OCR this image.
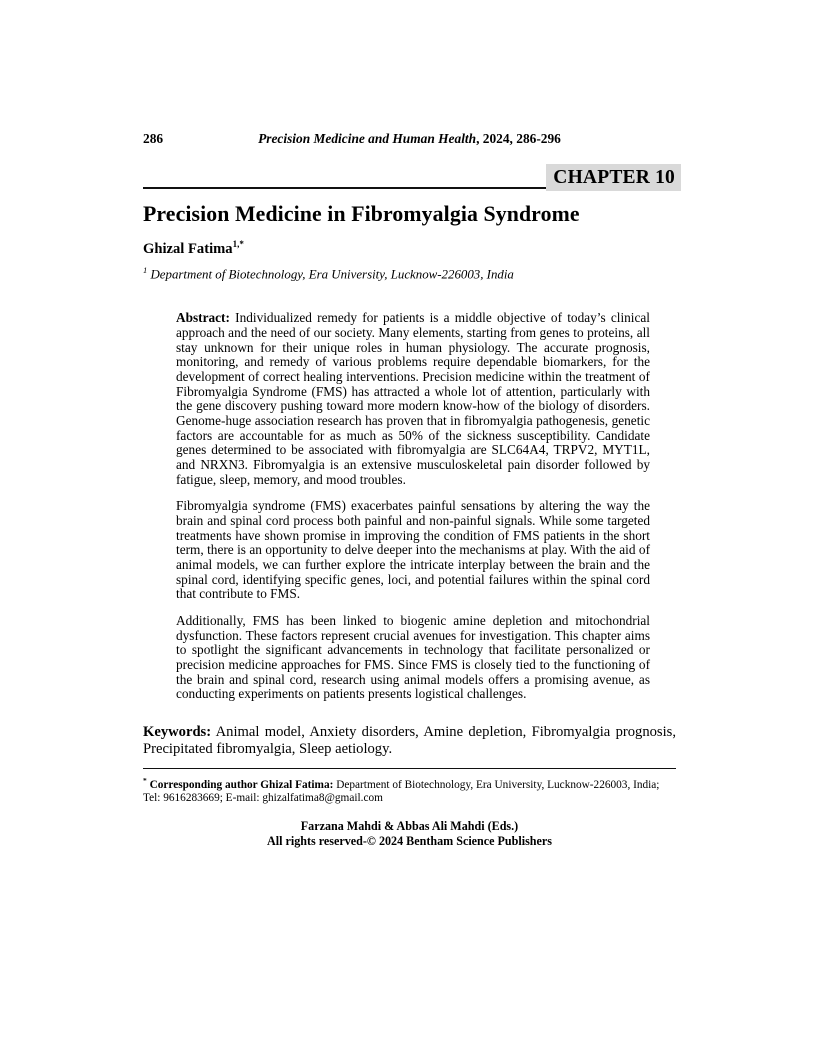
286	Precision Medicine and Human Health, 2024, 286-296
CHAPTER 10
Precision Medicine in Fibromyalgia Syndrome
Ghizal Fatima$^{1,*}$
$^1$ Department of Biotechnology, Era University, Lucknow-226003, India

Abstract: Individualized remedy for patients is a middle objective of today’s clinical approach and the need of our society. Many elements, starting from genes to proteins, all stay unknown for their unique roles in human physiology. The accurate prognosis, monitoring, and remedy of various problems require dependable biomarkers, for the development of correct healing interventions. Precision medicine within the treatment of Fibromyalgia Syndrome (FMS) has attracted a whole lot of attention, particularly with the gene discovery pushing toward more modern know-how of the biology of disorders. Genome-huge association research has proven that in fibromyalgia pathogenesis, genetic factors are accountable for as much as 50% of the sickness susceptibility. Candidate genes determined to be associated with fibromyalgia are SLC64A4, TRPV2, MYT1L, and NRXN3. Fibromyalgia is an extensive musculoskeletal pain disorder followed by fatigue, sleep, memory, and mood troubles.

Fibromyalgia syndrome (FMS) exacerbates painful sensations by altering the way the brain and spinal cord process both painful and non-painful signals. While some targeted treatments have shown promise in improving the condition of FMS patients in the short term, there is an opportunity to delve deeper into the mechanisms at play. With the aid of animal models, we can further explore the intricate interplay between the brain and the spinal cord, identifying specific genes, loci, and potential failures within the spinal cord that contribute to FMS.

Additionally, FMS has been linked to biogenic amine depletion and mitochondrial dysfunction. These factors represent crucial avenues for investigation. This chapter aims to spotlight the significant advancements in technology that facilitate personalized or precision medicine approaches for FMS. Since FMS is closely tied to the functioning of the brain and spinal cord, research using animal models offers a promising avenue, as conducting experiments on patients presents logistical challenges.

Keywords: Animal model, Anxiety disorders, Amine depletion, Fibromyalgia prognosis, Precipitated fibromyalgia, Sleep aetiology.
* Corresponding author Ghizal Fatima: Department of Biotechnology, Era University, Lucknow-226003, India; Tel: 9616283669; E-mail: ghizalfatima8@gmail.com
Farzana Mahdi & Abbas Ali Mahdi (Eds.)
All rights reserved-© 2024 Bentham Science Publishers
